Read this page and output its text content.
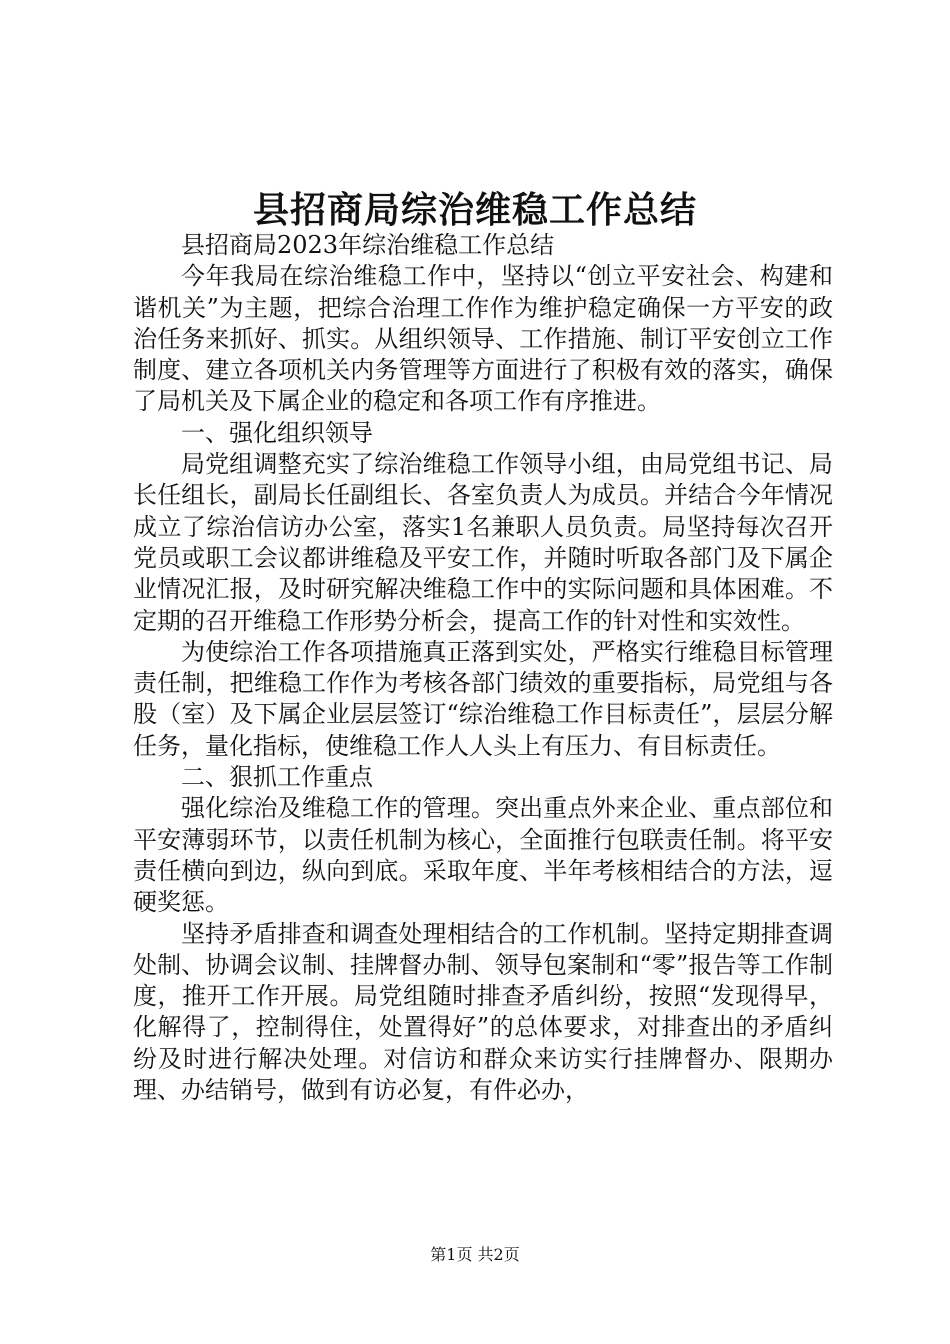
县招商局综治维稳工作总结

县招商局2023年综治维稳工作总结

今年我局在综治维稳工作中，坚持以“创立平安社会、构建和谐机关”为主题，把综合治理工作作为维护稳定确保一方平安的政治任务来抓好、抓实。从组织领导、工作措施、制订平安创立工作制度、建立各项机关内务管理等方面进行了积极有效的落实，确保了局机关及下属企业的稳定和各项工作有序推进。

一、强化组织领导

局党组调整充实了综治维稳工作领导小组，由局党组书记、局长任组长，副局长任副组长、各室负责人为成员。并结合今年情况成立了综治信访办公室，落实1名兼职人员负责。局坚持每次召开党员或职工会议都讲维稳及平安工作，并随时听取各部门及下属企业情况汇报，及时研究解决维稳工作中的实际问题和具体困难。不定期的召开维稳工作形势分析会，提高工作的针对性和实效性。

为使综治工作各项措施真正落到实处，严格实行维稳目标管理责任制，把维稳工作作为考核各部门绩效的重要指标，局党组与各股（室）及下属企业层层签订“综治维稳工作目标责任”，层层分解任务，量化指标，使维稳工作人人头上有压力、有目标责任。

二、狠抓工作重点

强化综治及维稳工作的管理。突出重点外来企业、重点部位和平安薄弱环节，以责任机制为核心，全面推行包联责任制。将平安责任横向到边，纵向到底。采取年度、半年考核相结合的方法，逗硬奖惩。

坚持矛盾排查和调查处理相结合的工作机制。坚持定期排查调处制、协调会议制、挂牌督办制、领导包案制和“零”报告等工作制度，推开工作开展。局党组随时排查矛盾纠纷，按照“发现得早，化解得了，控制得住，处置得好”的总体要求，对排查出的矛盾纠纷及时进行解决处理。对信访和群众来访实行挂牌督办、限期办理、办结销号，做到有访必复，有件必办，

第1页 共2页
